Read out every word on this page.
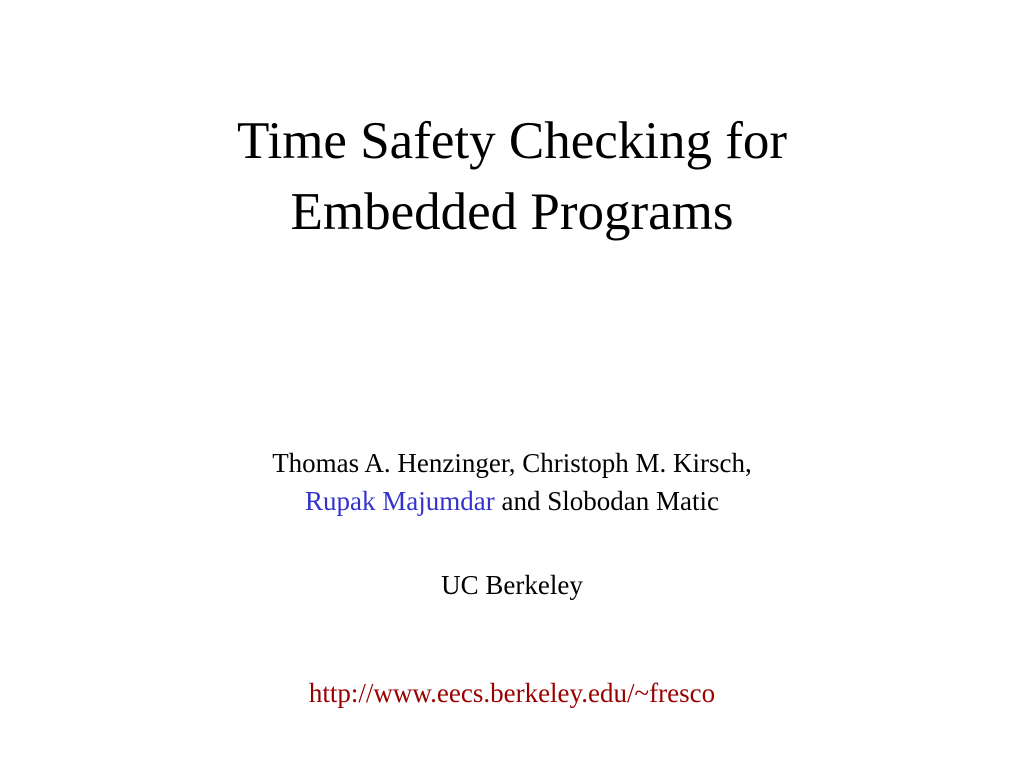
Time Safety Checking for
Embedded Programs
Thomas A. Henzinger, Christoph M. Kirsch,
Rupak Majumdar and Slobodan Matic
UC Berkeley
http://www.eecs.berkeley.edu/~fresco
